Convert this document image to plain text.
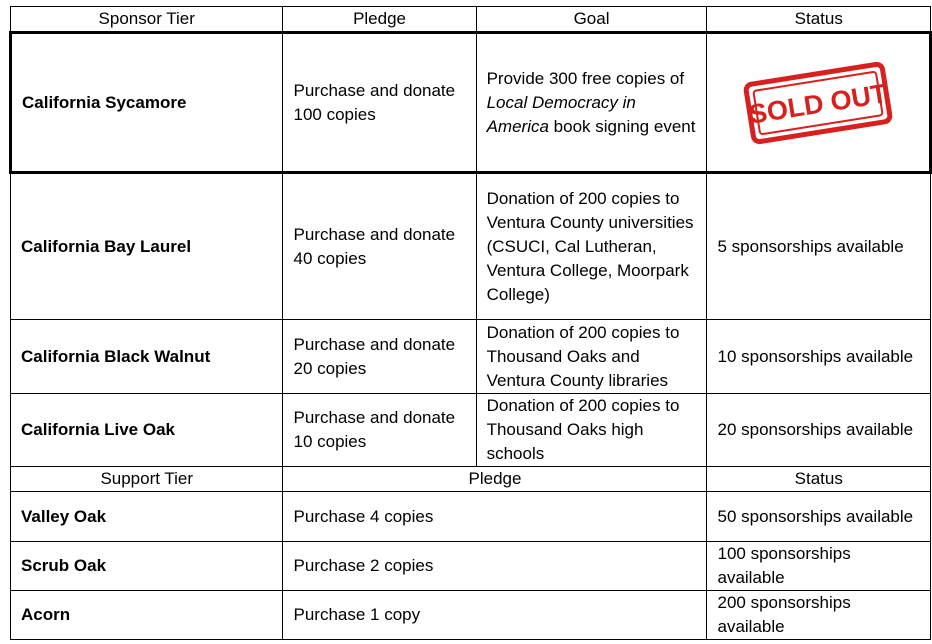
Sponsor Tier	Pledge	Goal	Status
California Sycamore	Purchase and donate 100 copies	Provide 300 free copies of Local Democracy in America book signing event	SOLD OUT

California Bay Laurel	Purchase and donate 40 copies	Donation of 200 copies to Ventura County universities (CSUCI, Cal Lutheran, Ventura College, Moorpark College)	5 sponsorships available
California Black Walnut	Purchase and donate 20 copies	Donation of 200 copies to Thousand Oaks and Ventura County libraries	10 sponsorships available
California Live Oak	Purchase and donate 10 copies	Donation of 200 copies to Thousand Oaks high schools	20 sponsorships available
Support Tier	Pledge		Status
Valley Oak	Purchase 4 copies		50 sponsorships available
Scrub Oak	Purchase 2 copies		100 sponsorships available
Acorn	Purchase 1 copy		200 sponsorships available
